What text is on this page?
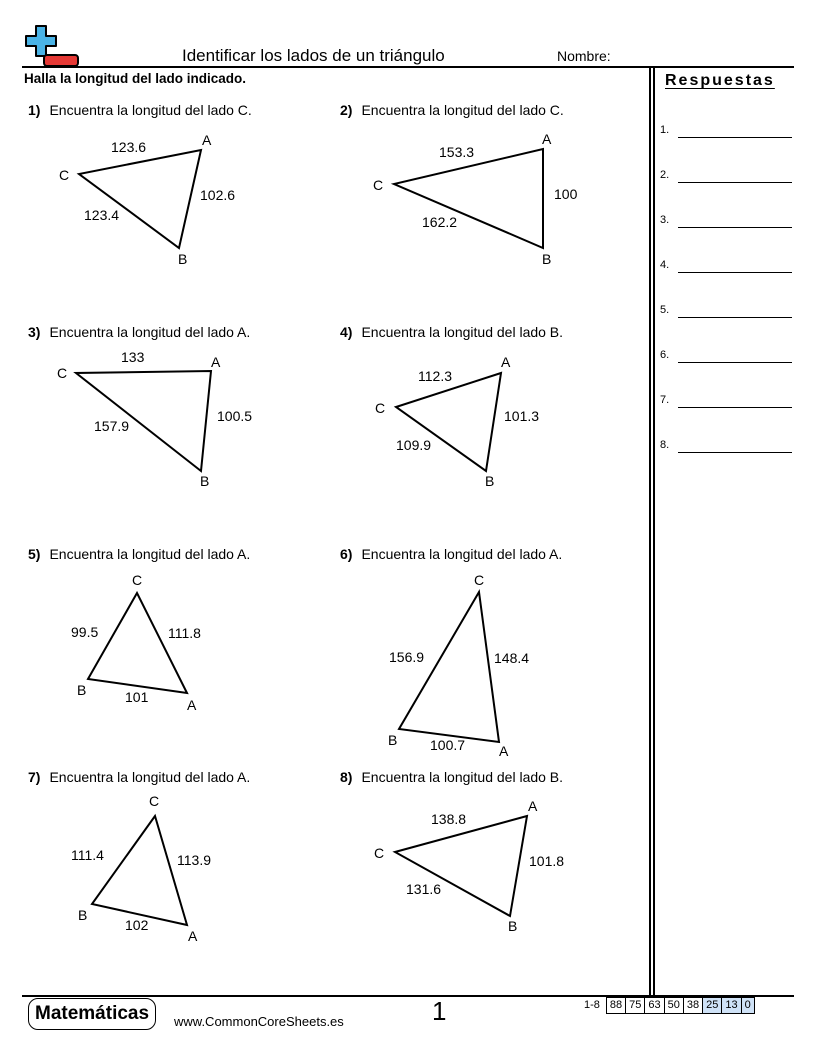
Identificar los lados de un triángulo	Nombre:
Halla la longitud del lado indicado.
1) Encuentra la longitud del lado C.	2) Encuentra la longitud del lado C.
3) Encuentra la longitud del lado A.	4) Encuentra la longitud del lado B.
5) Encuentra la longitud del lado A.	6) Encuentra la longitud del lado A.
7) Encuentra la longitud del lado A.	8) Encuentra la longitud del lado B.
A
B
C
123.6
102.6
123.4
A
B
C
153.3
100
162.2
A
B
C
133
100.5
157.9
A
B
C
112.3
101.3
109.9
C
B
A
99.5	111.8
101
C
B
A
156.9	148.4
100.7
C
B
A
111.4	113.9
102
A
C
B
138.8
101.8
131.6
Respuestas
1.
2.
3.
4.
5.
6.
7.
8.
Matemáticas	www.CommonCoreSheets.es	1	1-8	88	75	63	50	38	25	13	0
